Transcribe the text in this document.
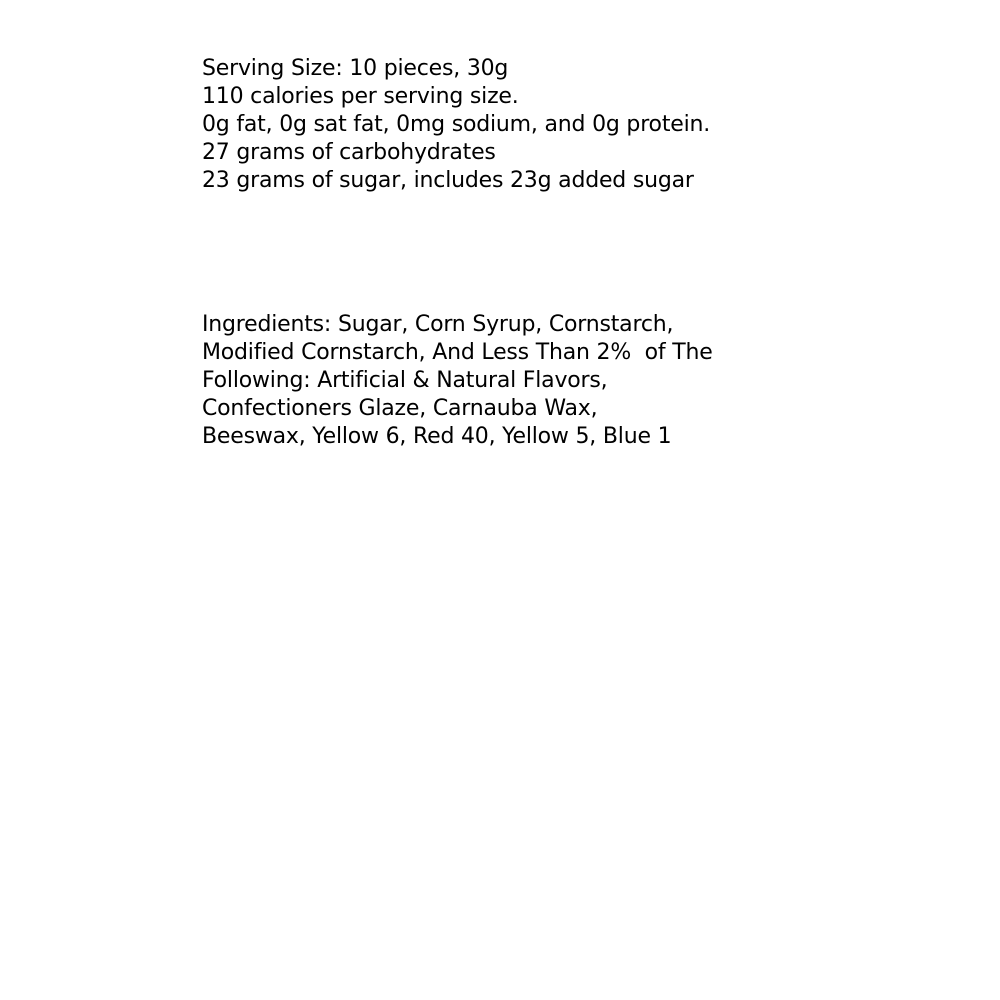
Serving Size: 10 pieces, 30g
110 calories per serving size.
0g fat, 0g sat fat, 0mg sodium, and 0g protein.
27 grams of carbohydrates
23 grams of sugar, includes 23g added sugar
Ingredients: Sugar, Corn Syrup, Cornstarch,
Modified Cornstarch, And Less Than 2%  of The
Following: Artificial & Natural Flavors,
Confectioners Glaze, Carnauba Wax,
Beeswax, Yellow 6, Red 40, Yellow 5, Blue 1
